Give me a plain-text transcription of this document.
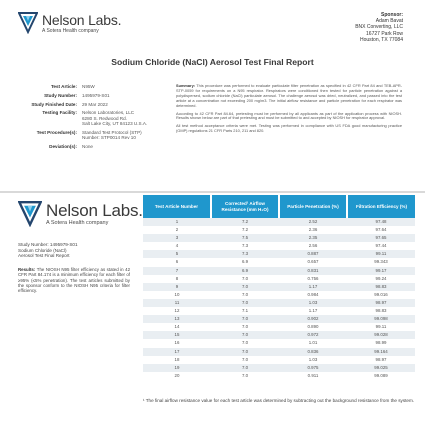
Nelson Labs.
A Sotera Health company
Sponsor:
Adam Bavat
BNX Converting, LLC
16727 Park Row
Houston, TX 77084
Sodium Chloride (NaCl) Aerosol Test Final Report
Test Article:	N95W
Study Number:	1495979-S01
Study Finished Date:	29 Mar 2022
Testing Facility:	Nelson Laboratories, LLC
6280 S. Redwood Rd.
Salt Lake City, UT 84123 U.S.A.
Test Procedure(s):	Standard Test Protocol (STP)
Number: STP0014 Rev 10
Deviation(s):	None

Summary: This procedure was performed to evaluate particulate filter penetration as specified in 42 CFR Part 84 and TEB-APR-STP-0059 for requirements on a N95 respirator. Respirators were conditioned then tested for particle penetration against a polydispersed, sodium chloride (NaCl) particulate aerosol. The challenge aerosol was dried, neutralized, and passed into the test article at a concentration not exceeding 200 mg/m3. The initial airflow resistance and particle penetration for each respirator was determined.

According to 42 CFR Part 84.64, pretesting must be performed by all applicants as part of the application process with NIOSH. Results shown below are part of that pretesting and must be submitted to and accepted by NIOSH for respirator approval.

All test method acceptance criteria were met. Testing was performed in compliance with US FDA good manufacturing practice (GMP) regulations 21 CFR Parts 210, 211 and 820.

Nelson Labs.
A Sotera Health company
Study Number: 1495979-S01
Sodium Chloride (NaCl)
Aerosol Test Final Report
Results: The NIOSH N95 filter efficiency as stated in 42 CFR Part 84.174 is a minimum efficiency for each filter of ≥95% (≤5% penetration). The test articles submitted by the sponsor conform to the NIOSH N95 criteria for filter efficiency.
Test Article Number	Corrected¹ Airflow Resistance (mm H₂O)	Particle Penetration (%)	Filtration Efficiency (%)
1	7.2	2.52	97.48
2	7.2	2.36	97.64
3	7.5	2.35	97.65
4	7.3	2.56	97.44
5	7.3	0.887	99.11
6	6.9	0.657	99.343
7	6.9	0.831	99.17
8	7.0	0.756	99.24
9	7.0	1.17	98.83
10	7.0	0.984	99.016
11	7.0	1.03	98.97
12	7.1	1.17	98.83
13	7.0	0.902	99.098
14	7.0	0.890	99.11
15	7.0	0.972	99.028
16	7.0	1.01	98.99
17	7.0	0.836	99.164
18	7.0	1.03	98.97
19	7.0	0.975	99.025
20	7.0	0.911	99.089
¹ The final airflow resistance value for each test article was determined by subtracting out the background resistance from the system.
